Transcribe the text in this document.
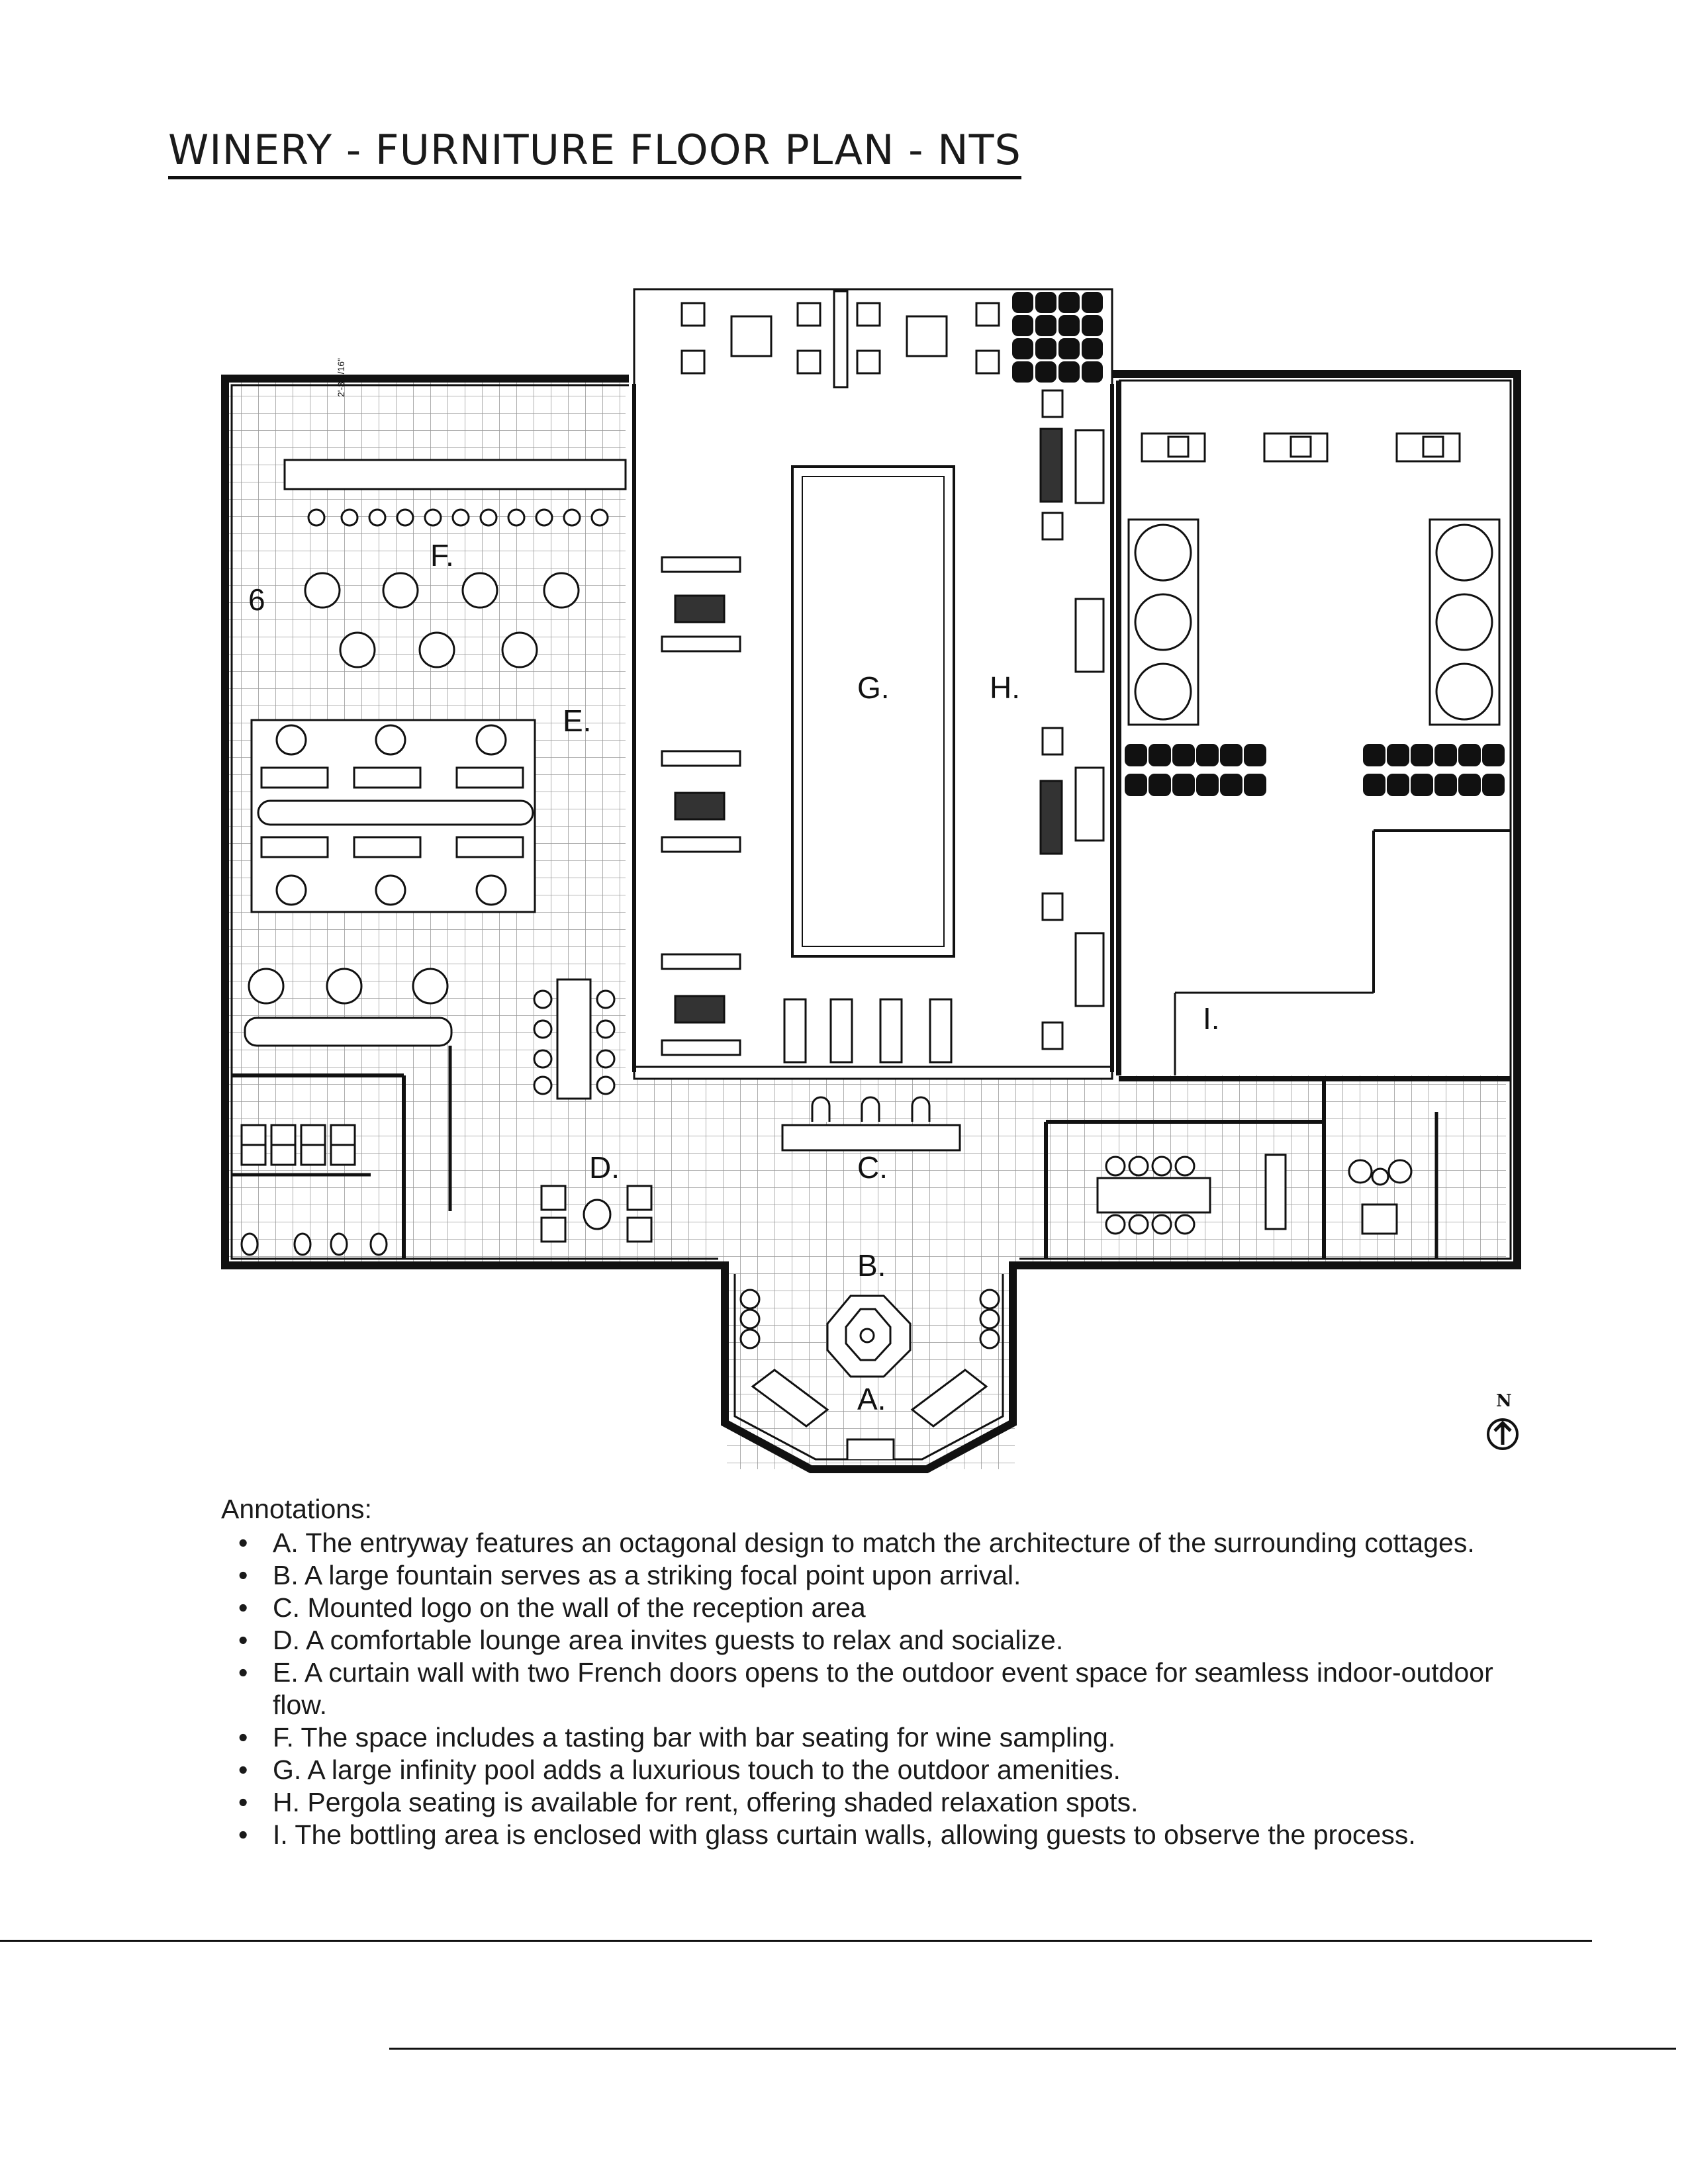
WINERY - FURNITURE FLOOR PLAN - NTS
2'-3 1/16"
A.
B.
C.
D.
E.
F.
G.	H.
I.
6
N

Annotations:

• A. The entryway features an octagonal design to match the architecture of the surrounding cottages.
• B. A large fountain serves as a striking focal point upon arrival.
• C. Mounted logo on the wall of the reception area
• D. A comfortable lounge area invites guests to relax and socialize.
• E. A curtain wall with two French doors opens to the outdoor event space for seamless indoor-outdoor flow.
• F. The space includes a tasting bar with bar seating for wine sampling.
• G. A large infinity pool adds a luxurious touch to the outdoor amenities.
• H. Pergola seating is available for rent, offering shaded relaxation spots.
• I. The bottling area is enclosed with glass curtain walls, allowing guests to observe the process.
